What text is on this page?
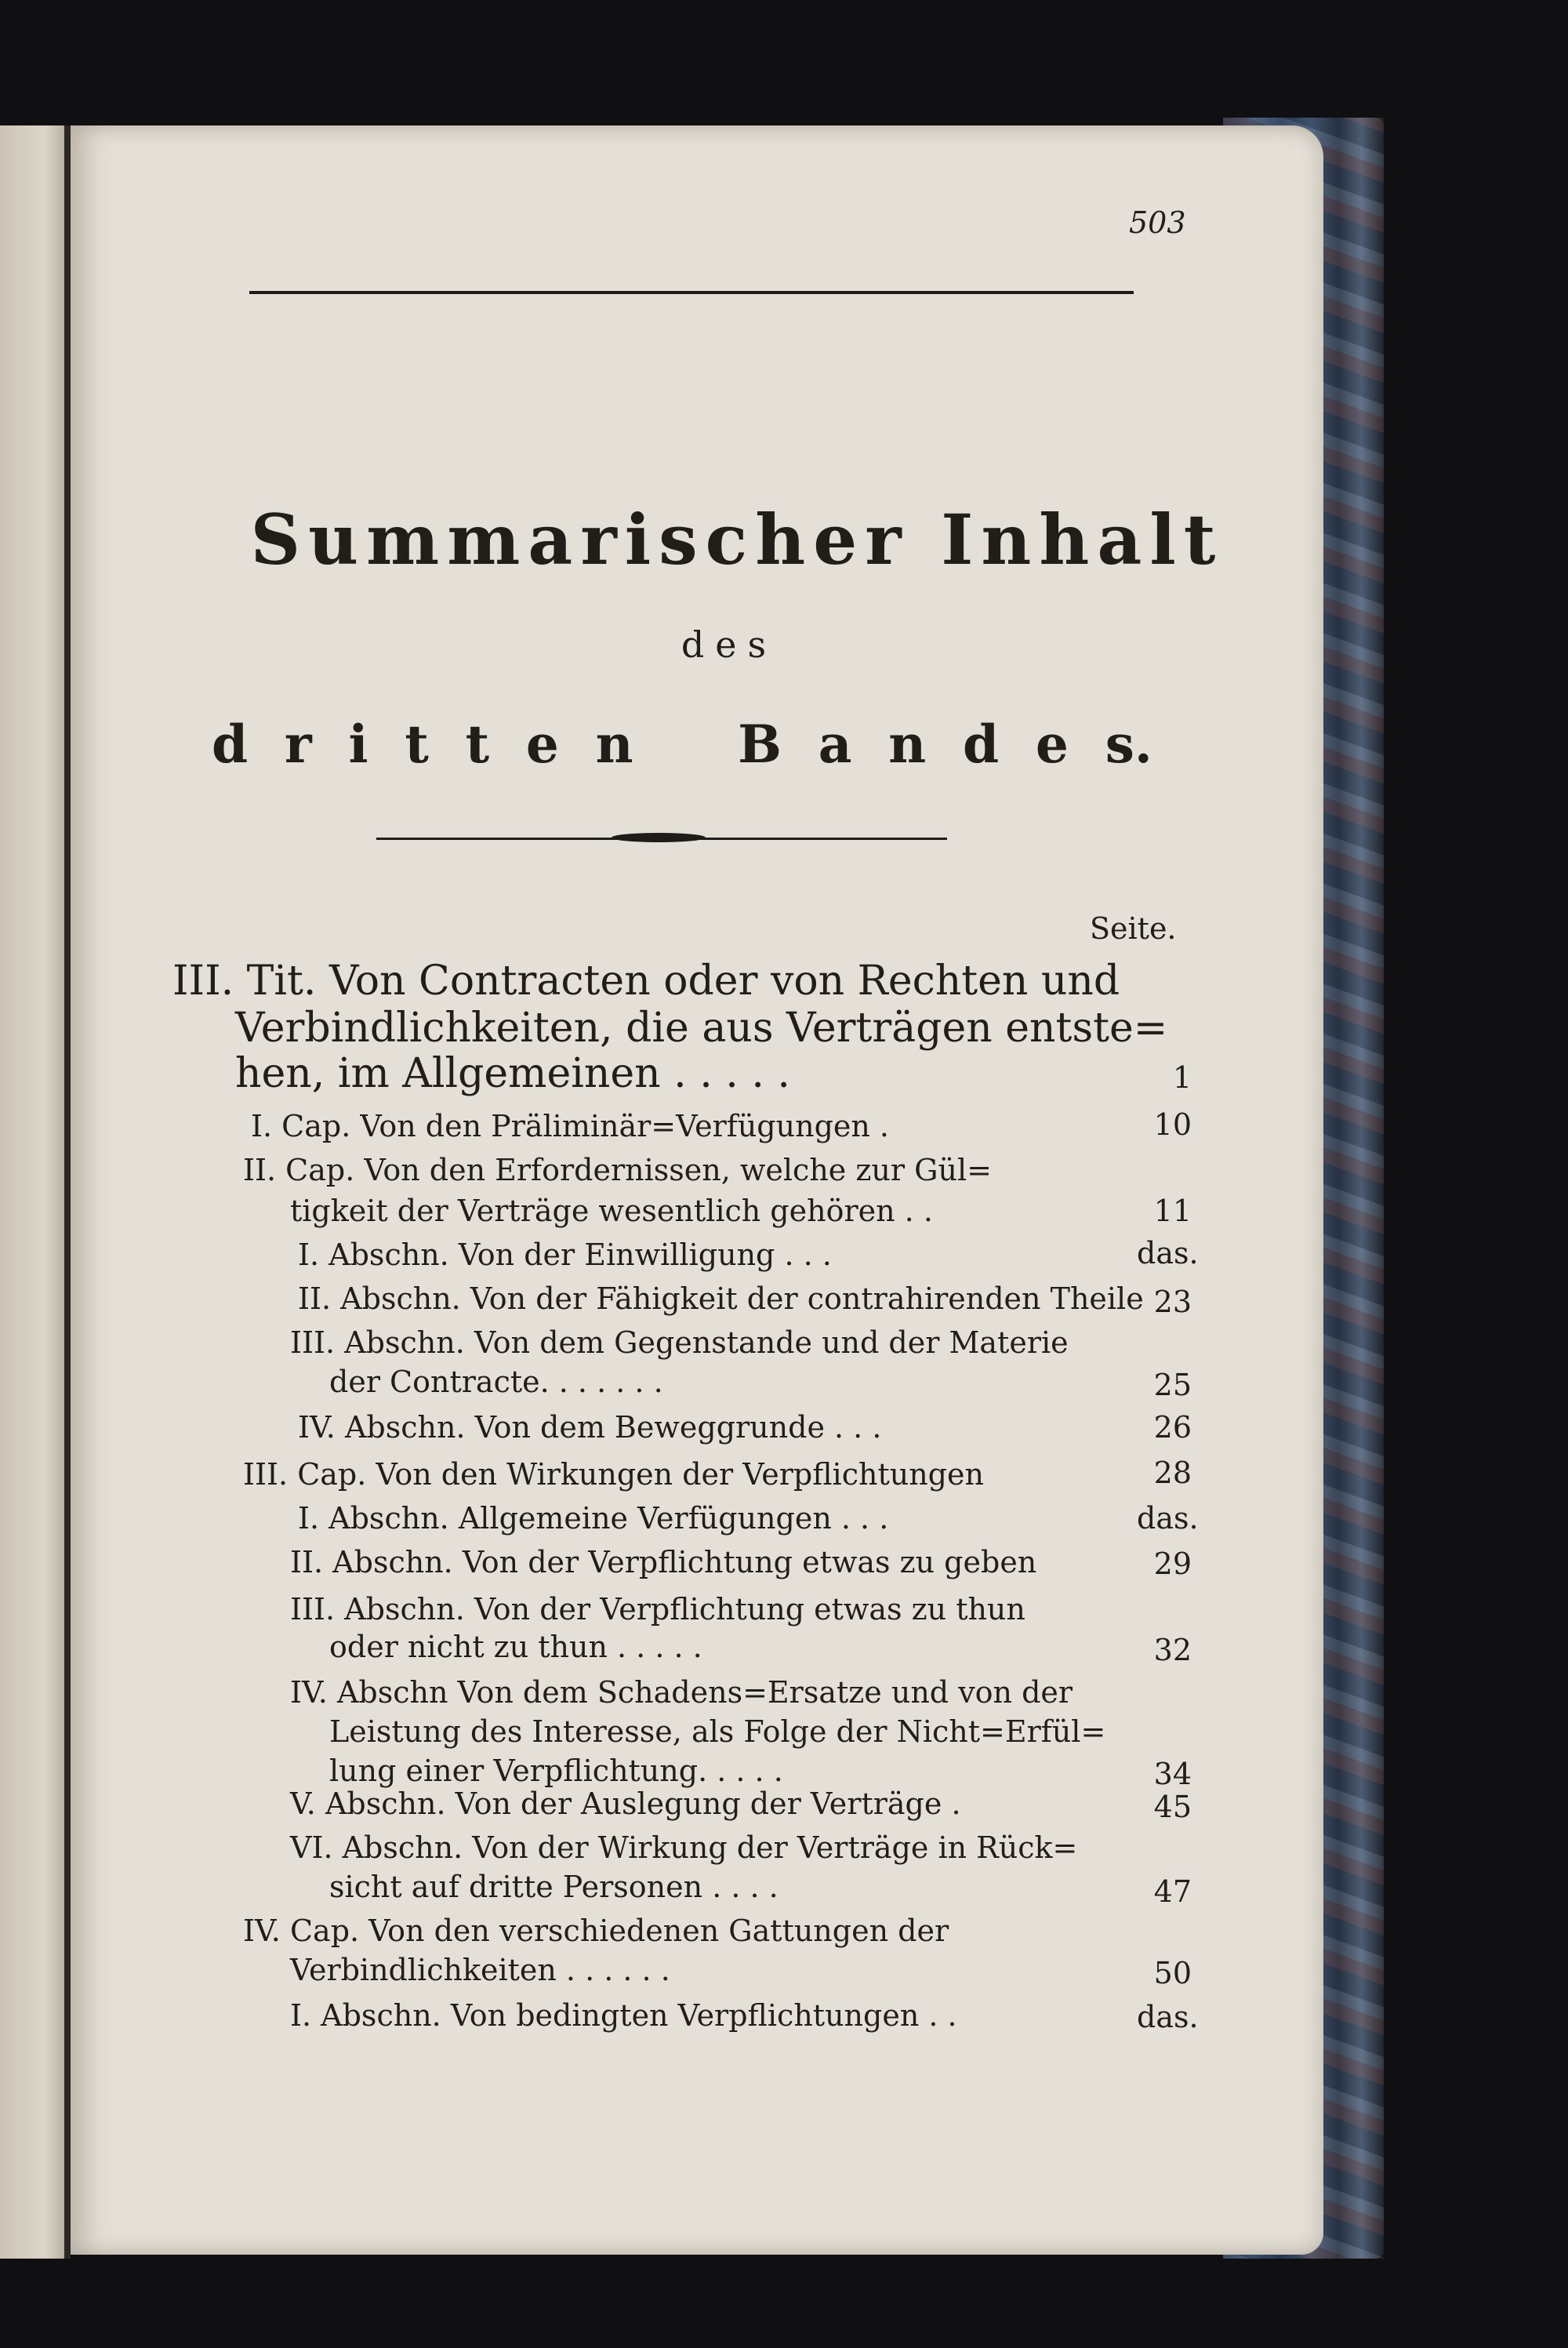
503
Summarischer Inhalt
des
d r i t t e n B a n d e s.
Seite.
III. Tit. Von Contracten oder von Rechten und
Verbindlichkeiten, die aus Verträgen entste=
hen, im Allgemeinen . . . . .	1
I. Cap. Von den Präliminär=Verfügungen .	10
II. Cap. Von den Erfordernissen, welche zur Gül=
tigkeit der Verträge wesentlich gehören . .	11
I. Abschn. Von der Einwilligung . . .	das.
II. Abschn. Von der Fähigkeit der contrahirenden Theile 23
III. Abschn. Von dem Gegenstande und der Materie
der Contracte. . . . . . .	25
IV. Abschn. Von dem Beweggrunde . . .	26
III. Cap. Von den Wirkungen der Verpflichtungen	28
I. Abschn. Allgemeine Verfügungen . . .	das.
II. Abschn. Von der Verpflichtung etwas zu geben	29
III. Abschn. Von der Verpflichtung etwas zu thun
oder nicht zu thun . . . . .	32
IV. Abschn Von dem Schadens=Ersatze und von der
Leistung des Interesse, als Folge der Nicht=Erfül=
lung einer Verpflichtung. . . . .	34
V. Abschn. Von der Auslegung der Verträge .	45
VI. Abschn. Von der Wirkung der Verträge in Rück=
sicht auf dritte Personen . . . .	47
IV. Cap. Von den verschiedenen Gattungen der
Verbindlichkeiten . . . . . .	50
I. Abschn. Von bedingten Verpflichtungen . .	das.
